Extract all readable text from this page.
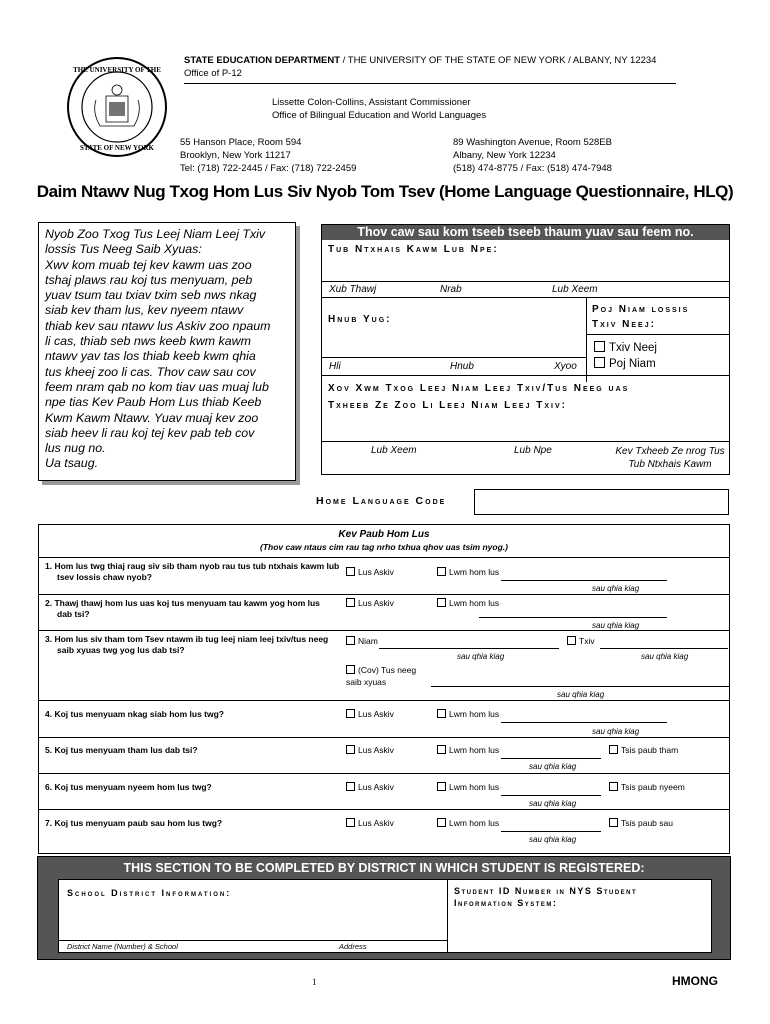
THE UNIVERSITY OF THE
STATE OF NEW YORK
STATE EDUCATION DEPARTMENT / THE UNIVERSITY OF THE STATE OF NEW YORK / ALBANY, NY 12234
Office of P-12
Lissette Colon-Collins, Assistant Commissioner
Office of Bilingual Education and World Languages
55 Hanson Place, Room 594
Brooklyn, New York 11217
Tel: (718) 722-2445 / Fax: (718) 722-2459
89 Washington Avenue, Room 528EB
Albany, New York 12234
(518) 474-8775 / Fax: (518) 474-7948
Daim Ntawv Nug Txog Hom Lus Siv Nyob Tom Tsev (Home Language Questionnaire, HLQ)
Nyob Zoo Txog Tus Leej Niam Leej Txiv
lossis Tus Neeg Saib Xyuas:
Xwv kom muab tej kev kawm uas zoo
tshaj plaws rau koj tus menyuam, peb
yuav tsum tau txiav txim seb nws nkag
siab kev tham lus, kev nyeem ntawv
thiab kev sau ntawv lus Askiv zoo npaum
li cas, thiab seb nws keeb kwm kawm
ntawv yav tas los thiab keeb kwm qhia
tus kheej zoo li cas. Thov caw sau cov
feem nram qab no kom tiav uas muaj lub
npe tias Kev Paub Hom Lus thiab Keeb
Kwm Kawm Ntawv. Yuav muaj kev zoo
siab heev li rau koj tej kev pab teb cov
lus nug no.
Ua tsaug.
Thov caw sau kom tseeb tseeb thaum yuav sau feem no.
Tub Ntxhais Kawm Lub Npe:
Xub Thawj	Nrab	Lub Xeem
Poj Niam lossis
Txiv Neej:
Hnub Yug:
Hli	Hnub	Xyoo
Txiv Neej
Poj Niam
Xov Xwm Txog Leej Niam Leej Txiv/Tus Neeg uas
Txheeb Ze Zoo Li Leej Niam Leej Txiv:
Lub Xeem	Lub Npe	Kev Txheeb Ze nrog Tus
Tub Ntxhais Kawm
Home Language Code
Kev Paub Hom Lus
(Thov caw ntaus cim rau tag nrho txhua qhov uas tsim nyog.)
1. Hom lus twg thiaj raug siv sib tham nyob rau tus tub ntxhais kawm lub
tsev lossis chaw nyob?	Lus Askiv	Lwm hom lus
sau qhia kiag
2. Thawj thawj hom lus uas koj tus menyuam tau kawm yog hom lus
dab tsi?
Lus Askiv	Lwm hom lus
sau qhia kiag
3. Hom lus siv tham tom Tsev ntawm ib tug leej niam leej txiv/tus neeg
saib xyuas twg yog lus dab tsi?
Niam
sau qhia kiag
Txiv
sau qhia kiag
(Cov) Tus neeg
saib xyuas
sau qhia kiag
4. Koj tus menyuam nkag siab hom lus twg?	Lus Askiv	Lwm hom lus
sau qhia kiag
5. Koj tus menyuam tham lus dab tsi?	Lus Askiv	Lwm hom lus
sau qhia kiag
Tsis paub tham
6. Koj tus menyuam nyeem hom lus twg?	Lus Askiv	Lwm hom lus
sau qhia kiag
Tsis paub nyeem
7. Koj tus menyuam paub sau hom lus twg?	Lus Askiv	Lwm hom lus
sau qhia kiag
Tsis paub sau
THIS SECTION TO BE COMPLETED BY DISTRICT IN WHICH STUDENT IS REGISTERED:
School District Information:	Student ID Number in NYS Student
Information System:
District Name (Number) & School	Address
1	HMONG
